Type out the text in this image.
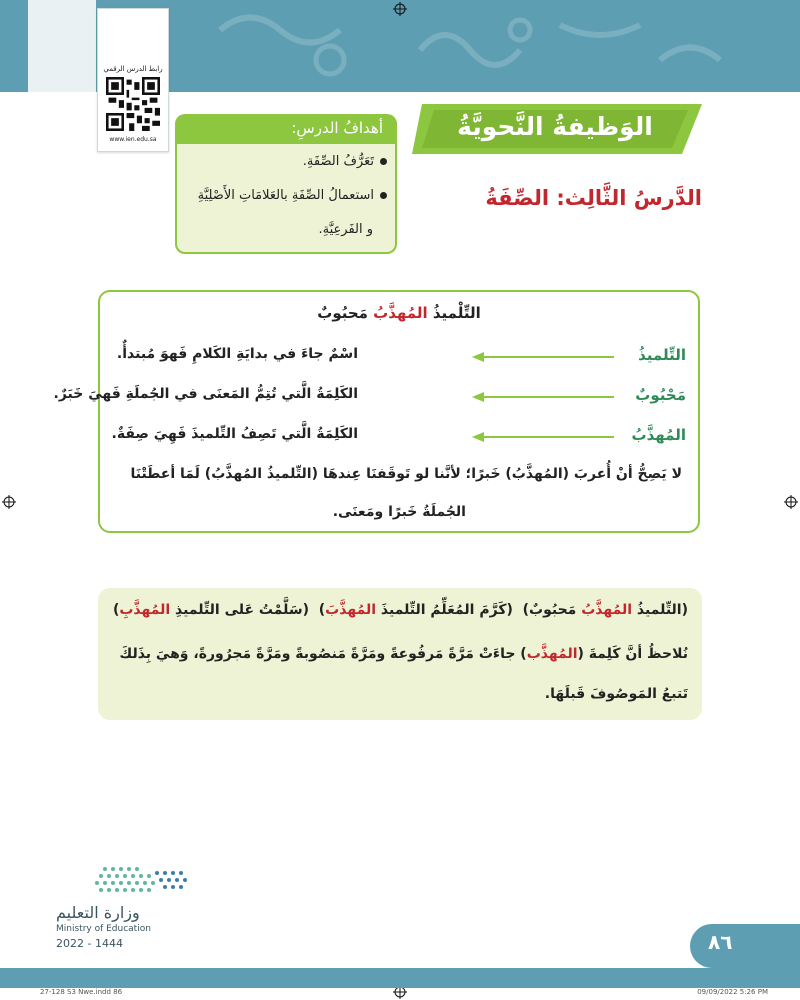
رابط الدرس الرقمي
www.ien.edu.sa	الوَظيفةُ النَّحويَّةُ
الدَّرسُ الثَّالِث: الصِّفَةُ
أهدافُ الدرسِ:
تَعَرُّفُ الصِّفَةِ.
استعمالُ الصِّفَةِ بالعَلامَاتِ الأَصْلِيَّةِ
و الفَرعِيَّةِ.
التِّلْميذُ المُهذَّبُ مَحبُوبٌ
التِّلميذُ
اسْمٌ جاءَ في بدايَةِ الكَلامِ فَهوَ مُبتدأٌ.
مَحْبُوبٌ
الكَلِمَةُ الَّتي تُتِمُّ المَعنَى في الجُملَةِ فَهيَ خَبَرٌ.
المُهذَّبُ
الكَلِمَةُ الَّتي تَصِفُ التِّلميذَ فَهِيَ صِفَةٌ.
لا يَصِحُّ أنْ أُعربَ (المُهذَّبُ) خَبرًا؛ لأنَّنا لو تَوقَفنَا عِندهَا (التِّلميذُ المُهذَّبُ) لَمَا أعطَتْنَا
الجُملَةُ خَبرًا ومَعنَى.
(التِّلميذُ المُهذَّبُ مَحبُوبٌ)  (كَرَّمَ المُعَلِّمُ التِّلميذَ المُهذَّبَ)  (سَلَّمْتُ عَلى التِّلميذِ المُهذَّبِ)
نُلاحظُ أنَّ كَلِمةَ (المُهذَّب) جاءَتْ مَرَّةً مَرفُوعةً ومَرَّةً مَنصُوبةً ومَرَّةً مَجرُورةً، وَهيَ بِذَلكَ
تَتبعُ المَوصُوفَ قَبلَهَا.
وزارة التعليم
Ministry of Education
2022 - 1444	٨٦
27-128 S3 Nwe.indd 86	09/09/2022 5:26 PM
